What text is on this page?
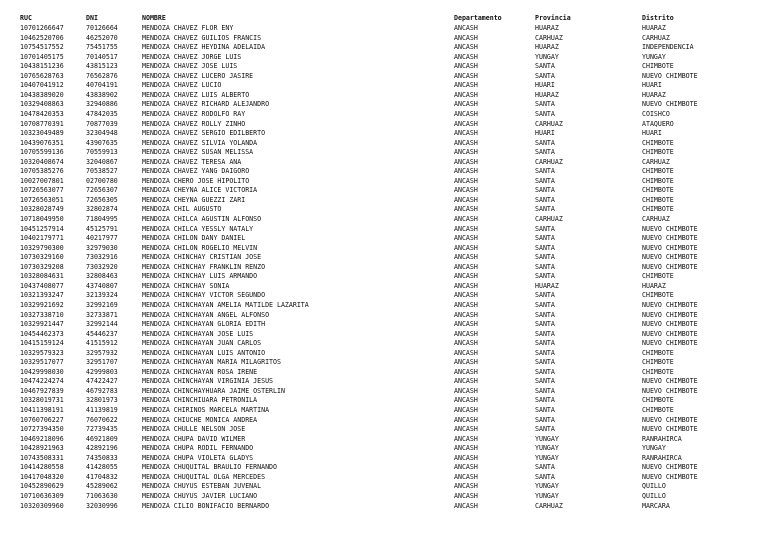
RUC	DNI	NOMBRE	Departamento	Provincia	Distrito
10701266647	70126664	MENDOZA CHAVEZ FLOR ENY	ANCASH	HUARAZ	HUARAZ
10462520706	46252070	MENDOZA CHAVEZ GUILIOS FRANCIS	ANCASH	CARHUAZ	CARHUAZ
10754517552	75451755	MENDOZA CHAVEZ HEYDINA ADELAIDA	ANCASH	HUARAZ	INDEPENDENCIA
10701405175	70140517	MENDOZA CHAVEZ JORGE LUIS	ANCASH	YUNGAY	YUNGAY
10438151236	43815123	MENDOZA CHAVEZ JOSE LUIS	ANCASH	SANTA	CHIMBOTE
10765628763	76562876	MENDOZA CHAVEZ LUCERO JASIRE	ANCASH	SANTA	NUEVO CHIMBOTE
10407041912	40704191	MENDOZA CHAVEZ LUCIO	ANCASH	HUARI	HUARI
10438389020	43838902	MENDOZA CHAVEZ LUIS ALBERTO	ANCASH	HUARAZ	HUARAZ
10329408863	32940886	MENDOZA CHAVEZ RICHARD ALEJANDRO	ANCASH	SANTA	NUEVO CHIMBOTE
10478420353	47842035	MENDOZA CHAVEZ RODOLFO RAY	ANCASH	SANTA	COISHCO
10708770391	70877039	MENDOZA CHAVEZ ROLLY ZINHO	ANCASH	CARHUAZ	ATAQUERO
10323049489	32304948	MENDOZA CHAVEZ SERGIO EDILBERTO	ANCASH	HUARI	HUARI
10439076351	43907635	MENDOZA CHAVEZ SILVIA YOLANDA	ANCASH	SANTA	CHIMBOTE
10705599136	70559913	MENDOZA CHAVEZ SUSAN MELISSA	ANCASH	SANTA	CHIMBOTE
10320408674	32040867	MENDOZA CHAVEZ TERESA ANA	ANCASH	CARHUAZ	CARHUAZ
10705385276	70538527	MENDOZA CHAVEZ YANG DAIGORO	ANCASH	SANTA	CHIMBOTE
10027007801	02700780	MENDOZA CHERO JOSE HIPOLITO	ANCASH	SANTA	CHIMBOTE
10726563077	72656307	MENDOZA CHEYÑA ALICE VICTORIA	ANCASH	SANTA	CHIMBOTE
10726563051	72656305	MENDOZA CHEYÑA GUEZZI ZARI	ANCASH	SANTA	CHIMBOTE
10328028749	32802874	MENDOZA CHIL AUGUSTO	ANCASH	SANTA	CHIMBOTE
10718049950	71804995	MENDOZA CHILCA AGUSTIN ALFONSO	ANCASH	CARHUAZ	CARHUAZ
10451257914	45125791	MENDOZA CHILCA YESSLY NATALY	ANCASH	SANTA	NUEVO CHIMBOTE
10402179771	40217977	MENDOZA CHILON DANY DANIEL	ANCASH	SANTA	NUEVO CHIMBOTE
10329790300	32979030	MENDOZA CHILON ROGELIO MELVIN	ANCASH	SANTA	NUEVO CHIMBOTE
10730329160	73032916	MENDOZA CHINCHAY CRISTIAN JOSE	ANCASH	SANTA	NUEVO CHIMBOTE
10730329208	73032920	MENDOZA CHINCHAY FRANKLIN RENZO	ANCASH	SANTA	NUEVO CHIMBOTE
10328084631	32808463	MENDOZA CHINCHAY LUIS ARMANDO	ANCASH	SANTA	CHIMBOTE
10437408077	43740807	MENDOZA CHINCHAY SONIA	ANCASH	HUARAZ	HUARAZ
10321393247	32139324	MENDOZA CHINCHAY VICTOR SEGUNDO	ANCASH	SANTA	CHIMBOTE
10329921692	32992169	MENDOZA CHINCHAYAN AMELIA MATILDE LAZARITA	ANCASH	SANTA	NUEVO CHIMBOTE
10327338710	32733871	MENDOZA CHINCHAYAN ANGEL ALFONSO	ANCASH	SANTA	NUEVO CHIMBOTE
10329921447	32992144	MENDOZA CHINCHAYAN GLORIA EDITH	ANCASH	SANTA	NUEVO CHIMBOTE
10454462373	45446237	MENDOZA CHINCHAYAN JOSE LUIS	ANCASH	SANTA	NUEVO CHIMBOTE
10415159124	41515912	MENDOZA CHINCHAYAN JUAN CARLOS	ANCASH	SANTA	NUEVO CHIMBOTE
10329579323	32957932	MENDOZA CHINCHAYAN LUIS ANTONIO	ANCASH	SANTA	CHIMBOTE
10329517077	32951707	MENDOZA CHINCHAYAN MARIA MILAGRITOS	ANCASH	SANTA	CHIMBOTE
10429998030	42999803	MENDOZA CHINCHAYAN ROSA IRENE	ANCASH	SANTA	CHIMBOTE
10474224274	47422427	MENDOZA CHINCHAYAN VIRGINIA JESUS	ANCASH	SANTA	NUEVO CHIMBOTE
10467927839	46792783	MENDOZA CHINCHAYHUARA JAIME OSTERLIN	ANCASH	SANTA	NUEVO CHIMBOTE
10328019731	32801973	MENDOZA CHINCHIUARA PETRONILA	ANCASH	SANTA	CHIMBOTE
10411398191	41139819	MENDOZA CHIRINOS MARCELA MARTINA	ANCASH	SANTA	CHIMBOTE
10760706227	76070622	MENDOZA CHIUCHE MONICA ANDREA	ANCASH	SANTA	NUEVO CHIMBOTE
10727394350	72739435	MENDOZA CHULLE NELSON JOSE	ANCASH	SANTA	NUEVO CHIMBOTE
10469218096	46921809	MENDOZA CHUPA DAVID WILMER	ANCASH	YUNGAY	RANRAHIRCA
10428921963	42892196	MENDOZA CHUPA RODIL FERNANDO	ANCASH	YUNGAY	YUNGAY
10743508331	74350833	MENDOZA CHUPA VIOLETA GLADYS	ANCASH	YUNGAY	RANRAHIRCA
10414280558	41428055	MENDOZA CHUQUITAL BRAULIO FERNANDO	ANCASH	SANTA	NUEVO CHIMBOTE
10417048320	41704832	MENDOZA CHUQUITAL OLGA MERCEDES	ANCASH	SANTA	NUEVO CHIMBOTE
10452890629	45289062	MENDOZA CHUYUS ESTEBAN JUVENAL	ANCASH	YUNGAY	QUILLO
10710636309	71063630	MENDOZA CHUYUS JAVIER LUCIANO	ANCASH	YUNGAY	QUILLO
10320309960	32030996	MENDOZA CILIO BONIFACIO BERNARDO	ANCASH	CARHUAZ	MARCARA
